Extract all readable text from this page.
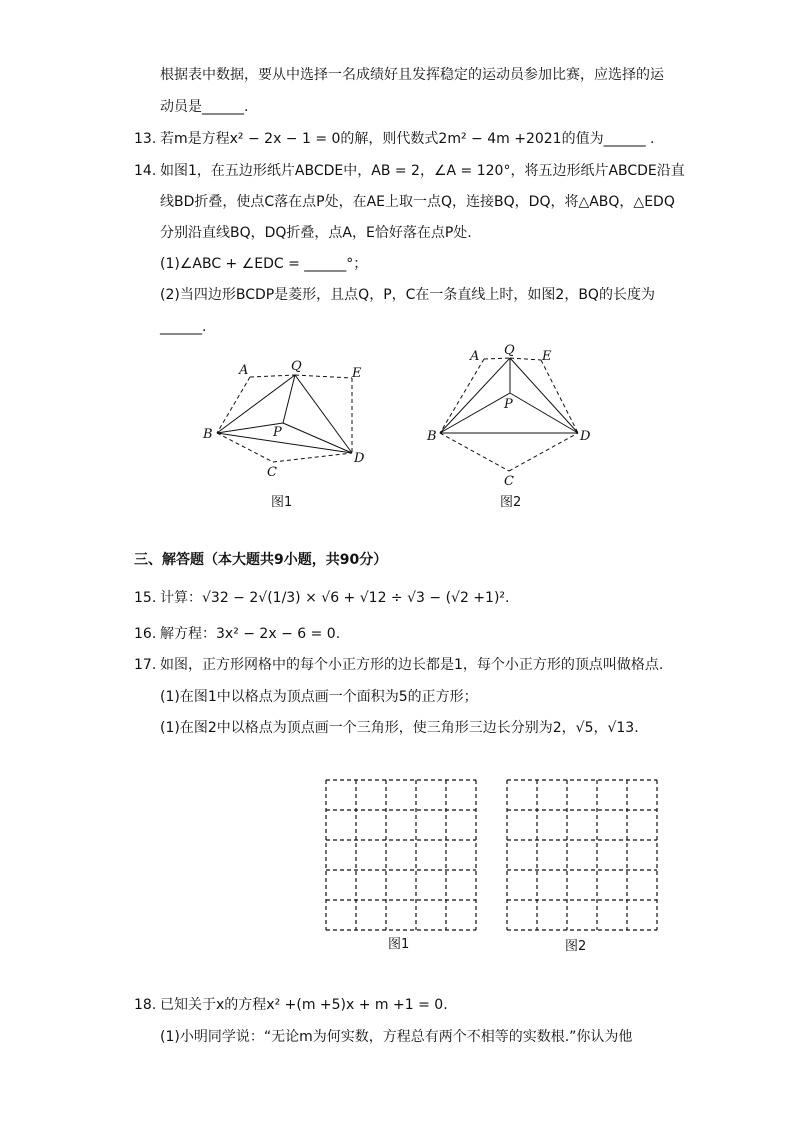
根据表中数据，要从中选择一名成绩好且发挥稳定的运动员参加比赛，应选择的运
动员是______.
13. 若m是方程x² − 2x − 1 = 0的解，则代数式2m² − 4m +2021的值为______ .
14. 如图1，在五边形纸片ABCDE中，AB = 2，∠A = 120°，将五边形纸片ABCDE沿直
线BD折叠，使点C落在点P处，在AE上取一点Q，连接BQ，DQ，将△ABQ，△EDQ
分别沿直线BQ，DQ折叠，点A，E恰好落在点P处.
(1)∠ABC + ∠EDC = ______°；
(2)当四边形BCDP是菱形，且点Q，P，C在一条直线上时，如图2，BQ的长度为
______.
A	Q	E
B	P
D
C
图1
A Q E
P
B	D
C
图2
三、解答题（本大题共9小题，共90分）
15. 计算：√32 − 2√(1/3) × √6 + √12 ÷ √3 − (√2 +1)².
16. 解方程：3x² − 2x − 6 = 0.
17. 如图，正方形网格中的每个小正方形的边长都是1，每个小正方形的顶点叫做格点.
(1)在图1中以格点为顶点画一个面积为5的正方形；
(1)在图2中以格点为顶点画一个三角形，使三角形三边长分别为2，√5，√13.
图1	图2
18. 已知关于x的方程x² +(m +5)x + m +1 = 0.
(1)小明同学说：“无论m为何实数，方程总有两个不相等的实数根.”你认为他
